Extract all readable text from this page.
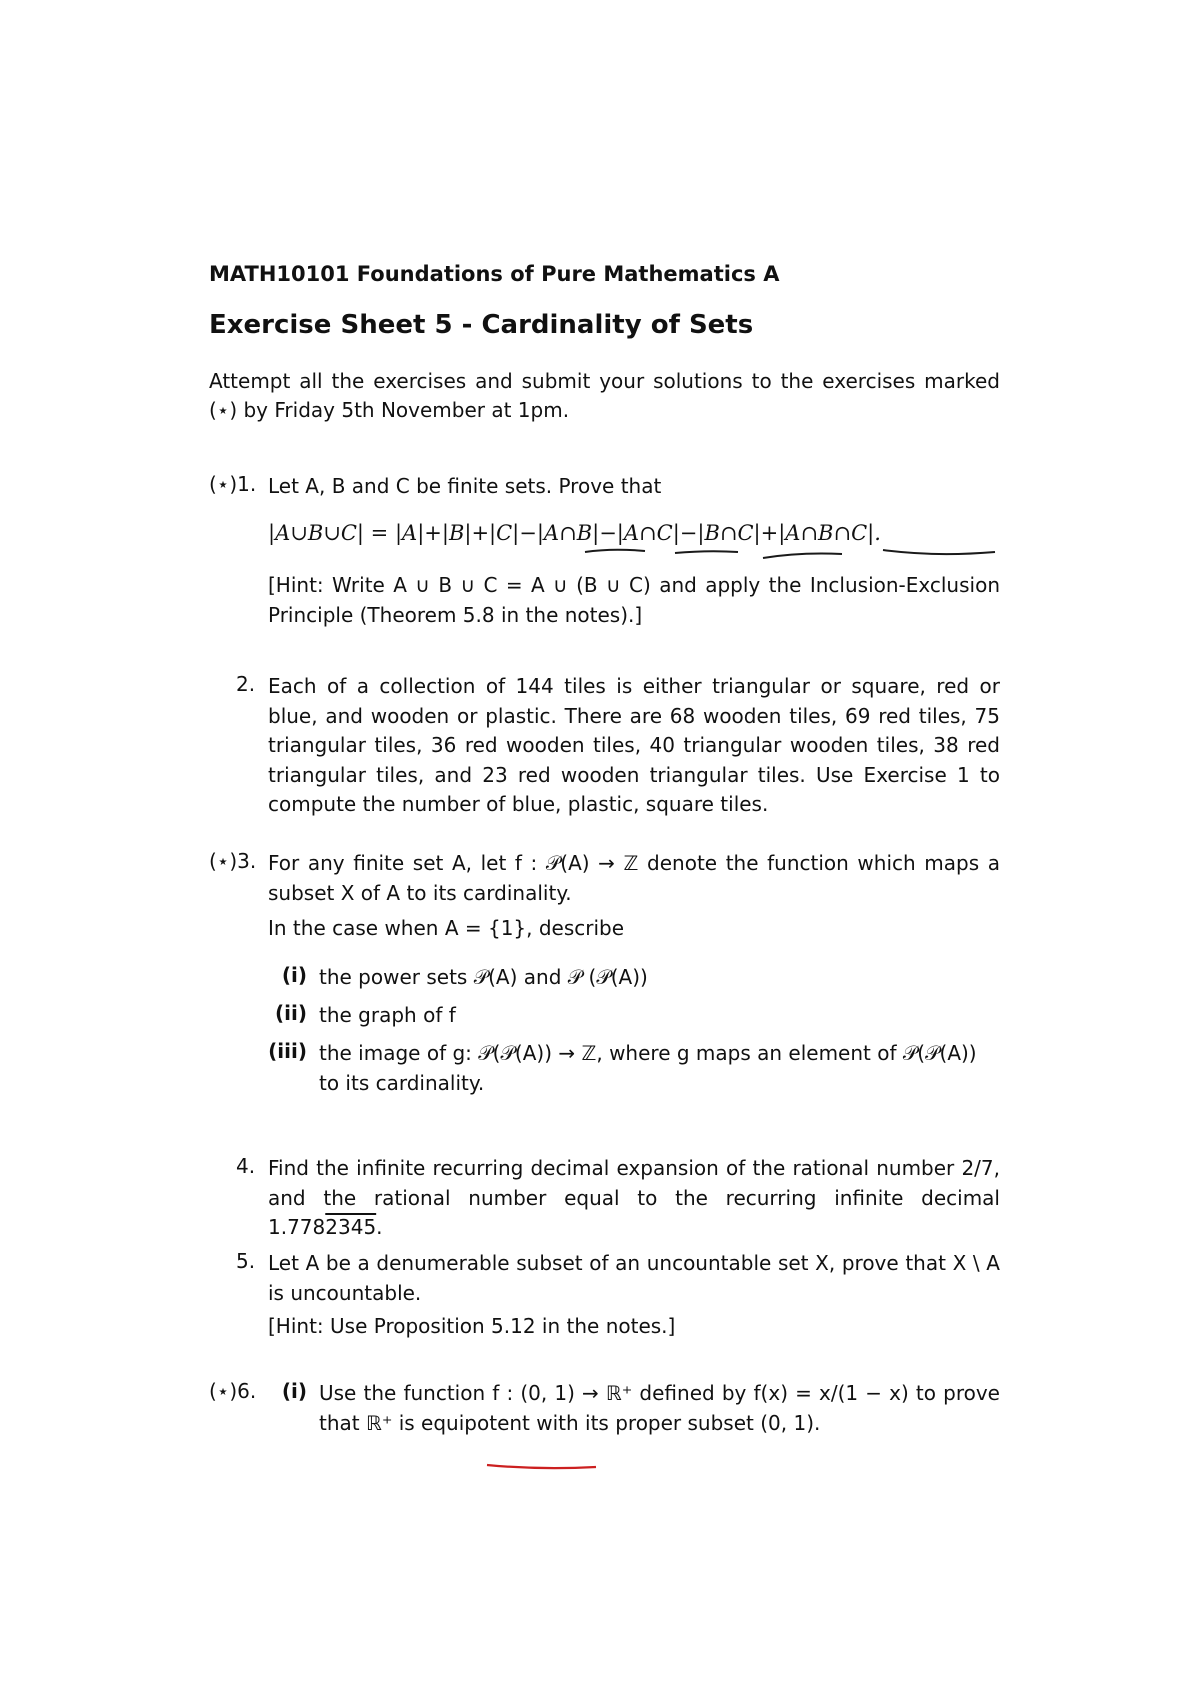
MATH10101 Foundations of Pure Mathematics A
Exercise Sheet 5 - Cardinality of Sets
Attempt all the exercises and submit your solutions to the exercises marked (⋆) by Friday 5th November at 1pm.
(⋆)1. Let A, B and C be finite sets. Prove that
|A∪B∪C| = |A|+|B|+|C|−|A∩B|−|A∩C|−|B∩C|+|A∩B∩C|.
[Hint: Write A ∪ B ∪ C = A ∪ (B ∪ C) and apply the Inclusion-Exclusion Principle (Theorem 5.8 in the notes).]
2. Each of a collection of 144 tiles is either triangular or square, red or blue, and wooden or plastic. There are 68 wooden tiles, 69 red tiles, 75 triangular tiles, 36 red wooden tiles, 40 triangular wooden tiles, 38 red triangular tiles, and 23 red wooden triangular tiles. Use Exercise 1 to compute the number of blue, plastic, square tiles.
(⋆)3. For any finite set A, let f : 𝒫(A) → ℤ denote the function which maps a subset X of A to its cardinality.
In the case when A = {1}, describe
(i) the power sets 𝒫(A) and 𝒫 (𝒫(A))
(ii) the graph of f
(iii) the image of g: 𝒫(𝒫(A)) → ℤ, where g maps an element of 𝒫(𝒫(A)) to its cardinality.
4. Find the infinite recurring decimal expansion of the rational number 2/7, and the rational number equal to the recurring infinite decimal 1.7782345.
5. Let A be a denumerable subset of an uncountable set X, prove that X \ A is uncountable.
[Hint: Use Proposition 5.12 in the notes.]
(⋆)6.	(i) Use the function f : (0, 1) → ℝ⁺ defined by f(x) = x/(1 − x) to prove that ℝ⁺ is equipotent with its proper subset (0, 1).
